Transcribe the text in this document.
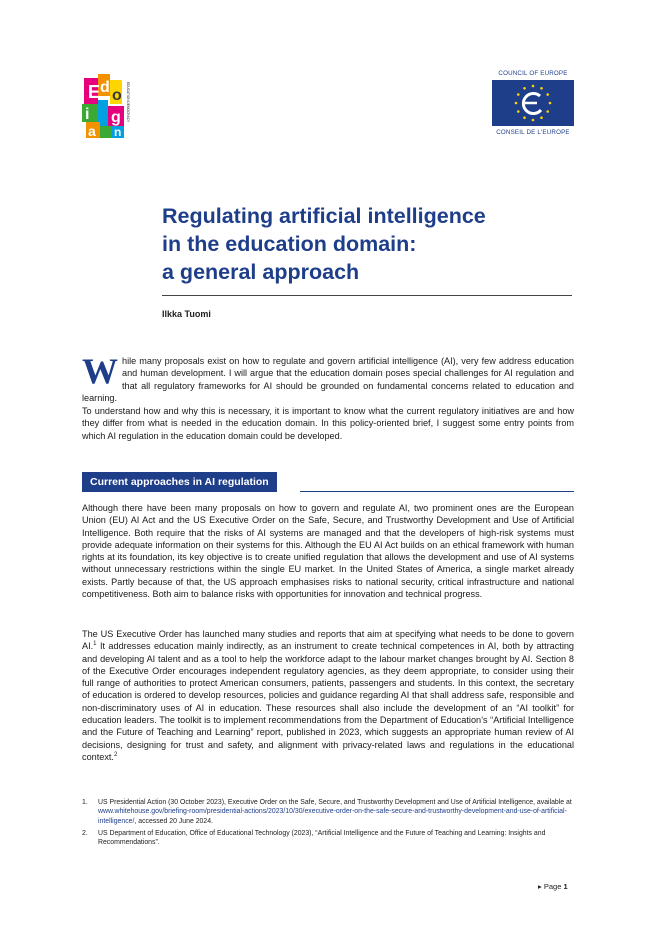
E d o
i g
a n
EDUCATION DEMOCRACY
COUNCIL OF EUROPE
CONSEIL DE L'EUROPE
Regulating artificial intelligence
in the education domain:
a general approach
Ilkka Tuomi
While many proposals exist on how to regulate and govern artificial intelligence (AI), very few address education and human development. I will argue that the education domain poses special challenges for AI regulation and that all regulatory frameworks for AI should be grounded on fundamental concerns related to education and learning.
To understand how and why this is necessary, it is important to know what the current regulatory initiatives are and how they differ from what is needed in the education domain. In this policy-oriented brief, I suggest some entry points from which AI regulation in the education domain could be developed.
Current approaches in AI regulation
Although there have been many proposals on how to govern and regulate AI, two prominent ones are the European Union (EU) AI Act and the US Executive Order on the Safe, Secure, and Trustworthy Development and Use of Artificial Intelligence. Both require that the risks of AI systems are managed and that the developers of high-risk systems must provide adequate information on their systems for this. Although the EU AI Act builds on an ethical framework with human rights at its foundation, its key objective is to create unified regulation that allows the development and use of AI systems without unnecessary restrictions within the single EU market. In the United States of America, a single market already exists. Partly because of that, the US approach emphasises risks to national security, critical infrastructure and national competitiveness. Both aim to balance risks with opportunities for innovation and technical progress.
The US Executive Order has launched many studies and reports that aim at specifying what needs to be done to govern AI.$^1$ It addresses education mainly indirectly, as an instrument to create technical competences in AI, both by attracting and developing AI talent and as a tool to help the workforce adapt to the labour market changes brought by AI. Section 8 of the Executive Order encourages independent regulatory agencies, as they deem appropriate, to consider using their full range of authorities to protect American consumers, patients, passengers and students. In this context, the secretary of education is ordered to develop resources, policies and guidance regarding AI that shall address safe, responsible and non-discriminatory uses of AI in education. These resources shall also include the development of an “AI toolkit” for education leaders. The toolkit is to implement recommendations from the Department of Education’s “Artificial Intelligence and the Future of Teaching and Learning” report, published in 2023, which suggests an appropriate human review of AI decisions, designing for trust and safety, and alignment with privacy-related laws and regulations in the educational context.$^2$
1. US Presidential Action (30 October 2023), Executive Order on the Safe, Secure, and Trustworthy Development and Use of Artificial Intelligence, available at www.whitehouse.gov/briefing-room/presidential-actions/2023/10/30/executive-order-on-the-safe-secure-and-trustworthy-development-and-use-of-artificial-intelligence/, accessed 20 June 2024.
2. US Department of Education, Office of Educational Technology (2023), “Artificial Intelligence and the Future of Teaching and Learning: Insights and Recommendations”.
▸ Page 1
